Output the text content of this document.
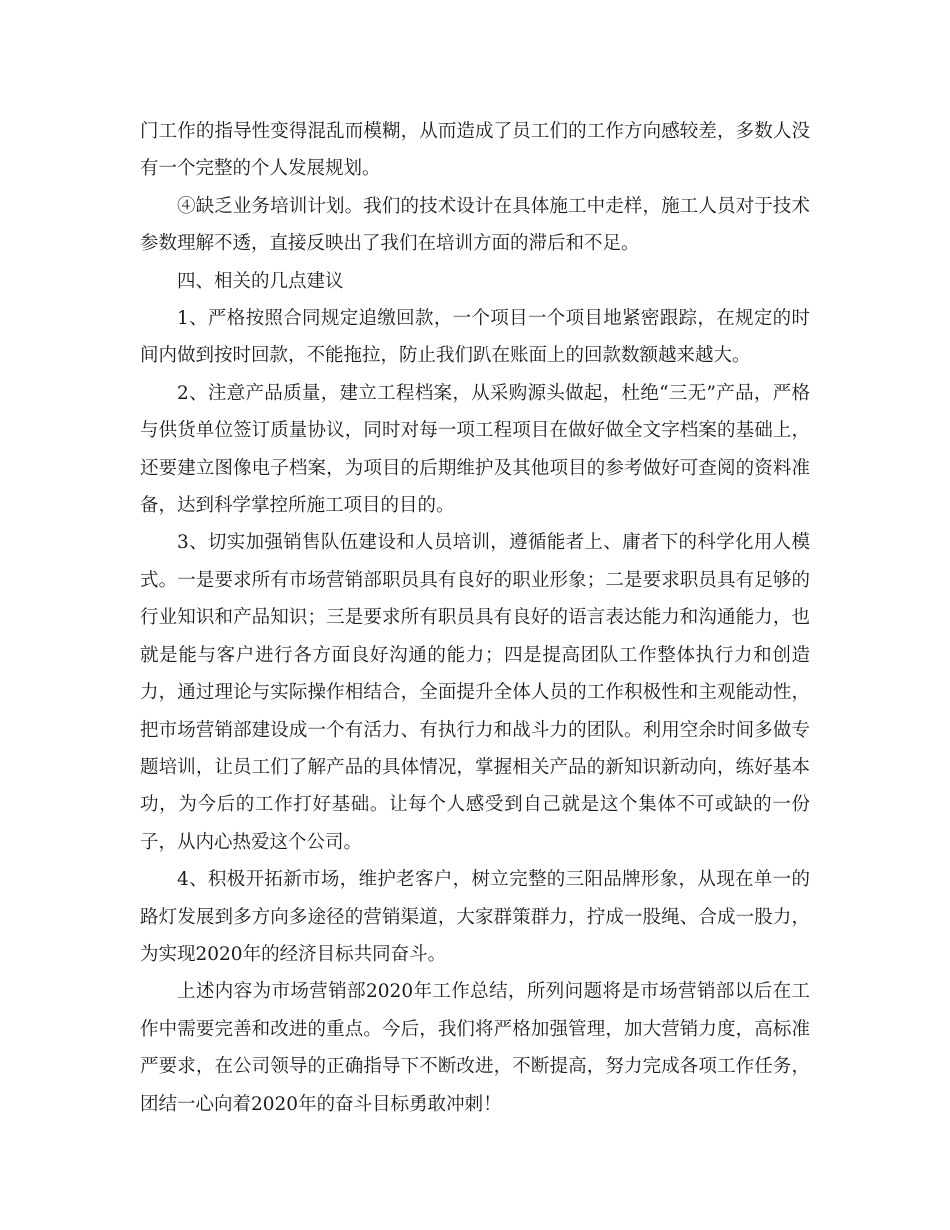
门工作的指导性变得混乱而模糊，从而造成了员工们的工作方向感较差，多数人没有一个完整的个人发展规划。

④缺乏业务培训计划。我们的技术设计在具体施工中走样，施工人员对于技术参数理解不透，直接反映出了我们在培训方面的滞后和不足。

四、相关的几点建议

1、严格按照合同规定追缴回款，一个项目一个项目地紧密跟踪，在规定的时间内做到按时回款，不能拖拉，防止我们趴在账面上的回款数额越来越大。

2、注意产品质量，建立工程档案，从采购源头做起，杜绝“三无”产品，严格与供货单位签订质量协议，同时对每一项工程项目在做好做全文字档案的基础上，还要建立图像电子档案，为项目的后期维护及其他项目的参考做好可查阅的资料准备，达到科学掌控所施工项目的目的。

3、切实加强销售队伍建设和人员培训，遵循能者上、庸者下的科学化用人模式。一是要求所有市场营销部职员具有良好的职业形象；二是要求职员具有足够的行业知识和产品知识；三是要求所有职员具有良好的语言表达能力和沟通能力，也就是能与客户进行各方面良好沟通的能力；四是提高团队工作整体执行力和创造力，通过理论与实际操作相结合，全面提升全体人员的工作积极性和主观能动性，把市场营销部建设成一个有活力、有执行力和战斗力的团队。利用空余时间多做专题培训，让员工们了解产品的具体情况，掌握相关产品的新知识新动向，练好基本功，为今后的工作打好基础。让每个人感受到自己就是这个集体不可或缺的一份子，从内心热爱这个公司。

4、积极开拓新市场，维护老客户，树立完整的三阳品牌形象，从现在单一的路灯发展到多方向多途径的营销渠道，大家群策群力，拧成一股绳、合成一股力，为实现2020年的经济目标共同奋斗。

上述内容为市场营销部2020年工作总结，所列问题将是市场营销部以后在工作中需要完善和改进的重点。今后，我们将严格加强管理，加大营销力度，高标准严要求，在公司领导的正确指导下不断改进，不断提高，努力完成各项工作任务，团结一心向着2020年的奋斗目标勇敢冲刺！
